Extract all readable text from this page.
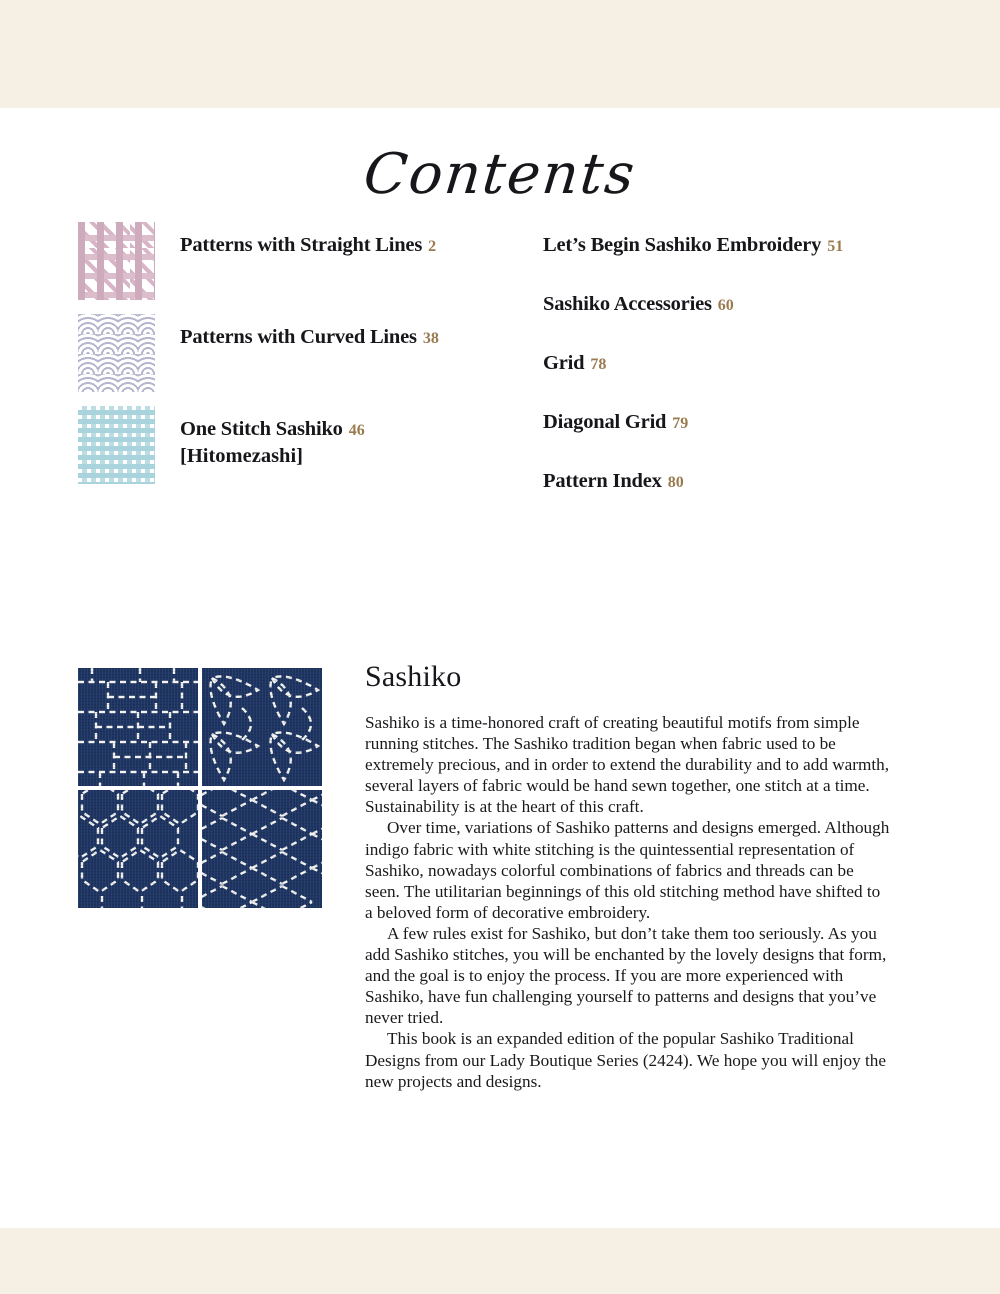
Contents
Patterns with Straight Lines 2
Patterns with Curved Lines 38
One Stitch Sashiko 46
[Hitomezashi]
Let’s Begin Sashiko Embroidery 51
Sashiko Accessories 60
Grid 78
Diagonal Grid 79
Pattern Index 80
Sashiko

Sashiko is a time-honored craft of creating beautiful motifs from simple running stitches. The Sashiko tradition began when fabric used to be extremely precious, and in order to extend the durability and to add warmth, several layers of fabric would be hand sewn together, one stitch at a time. Sustainability is at the heart of this craft.

Over time, variations of Sashiko patterns and designs emerged. Although indigo fabric with white stitching is the quintessential representation of Sashiko, nowadays colorful combinations of fabrics and threads can be seen. The utilitarian beginnings of this old stitching method have shifted to a beloved form of decorative embroidery.

A few rules exist for Sashiko, but don’t take them too seriously. As you add Sashiko stitches, you will be enchanted by the lovely designs that form, and the goal is to enjoy the process. If you are more experienced with Sashiko, have fun challenging yourself to patterns and designs that you’ve never tried.

This book is an expanded edition of the popular Sashiko Traditional Designs from our Lady Boutique Series (2424). We hope you will enjoy the new projects and designs.
